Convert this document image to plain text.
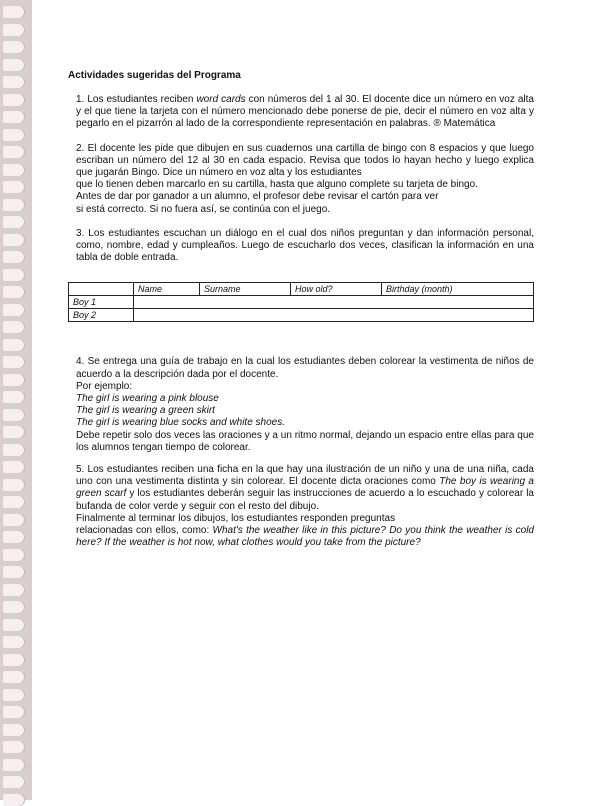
Actividades sugeridas del Programa

1. Los estudiantes reciben word cards con números del 1 al 30. El docente dice un número en voz alta y el que tiene la tarjeta con el número mencionado debe ponerse de pie, decir el número en voz alta y pegarlo en el pizarrón al lado de la correspondiente representación en palabras. ® Matemática

2. El docente les pide que dibujen en sus cuadernos una cartilla de bingo con 8 espacios y que luego escriban un número del 12 al 30 en cada espacio. Revisa que todos lo hayan hecho y luego explica que jugarán Bingo. Dice un número en voz alta y los estudiantes
que lo tienen deben marcarlo en su cartilla, hasta que alguno complete su tarjeta de bingo.
Antes de dar por ganador a un alumno, el profesor debe revisar el cartón para ver
si está correcto. Si no fuera así, se continúa con el juego.

3. Los estudiantes escuchan un diálogo en el cual dos niños preguntan y dan información personal, como, nombre, edad y cumpleaños. Luego de escucharlo dos veces, clasifican la información en una tabla de doble entrada.

	Name	Surname	How old?	Birthday (month)
Boy 1				
Boy 2				

4. Se entrega una guía de trabajo en la cual los estudiantes deben colorear la vestimenta de niños de acuerdo a la descripción dada por el docente.
Por ejemplo:
The girl is wearing a pink blouse
The girl is wearing a green skirt
The girl is wearing blue socks and white shoes.
Debe repetir solo dos veces las oraciones y a un ritmo normal, dejando un espacio entre ellas para que los alumnos tengan tiempo de colorear.

5. Los estudiantes reciben una ficha en la que hay una ilustración de un niño y una de una niña, cada uno con una vestimenta distinta y sin colorear. El docente dicta oraciones como The boy is wearing a green scarf y los estudiantes deberán seguir las instrucciones de acuerdo a lo escuchado y colorear la bufanda de color verde y seguir con el resto del dibujo.
Finalmente al terminar los dibujos, los estudiantes responden preguntas
relacionadas con ellos, como: What's the weather like in this picture? Do you think the weather is cold here? If the weather is hot now, what clothes would you take from the picture?
